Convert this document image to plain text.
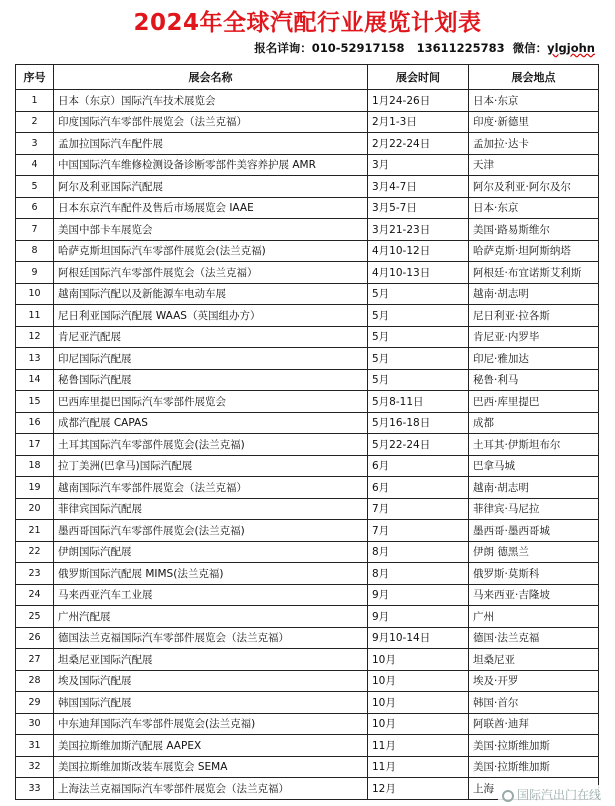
2024年全球汽配行业展览计划表
报名详询：010-52917158 13611225783 微信：ylgjohn
序号	展会名称	展会时间	展会地点
1	日本（东京）国际汽车技术展览会	1月24-26日	日本·东京
2	印度国际汽车零部件展览会（法兰克福）	2月1-3日	印度·新德里
3	孟加拉国际汽车配件展	2月22-24日	孟加拉·达卡
4	中国国际汽车维修检测设备诊断零部件美容养护展 AMR	3月	天津
5	阿尔及利亚国际汽配展	3月4-7日	阿尔及利亚·阿尔及尔
6	日本东京汽车配件及售后市场展览会 IAAE	3月5-7日	日本·东京
7	美国中部卡车展览会	3月21-23日	美国·路易斯维尔
8	哈萨克斯坦国际汽车零部件展览会(法兰克福)	4月10-12日	哈萨克斯·坦阿斯纳塔
9	阿根廷国际汽车零部件展览会（法兰克福）	4月10-13日	阿根廷·布宜诺斯艾利斯
10	越南国际汽配以及新能源车电动车展	5月	越南·胡志明
11	尼日利亚国际汽配展 WAAS（英国组办方）	5月	尼日利亚·拉各斯
12	肯尼亚汽配展	5月	肯尼亚·内罗毕
13	印尼国际汽配展	5月	印尼·雅加达
14	秘鲁国际汽配展	5月	秘鲁·利马
15	巴西库里提巴国际汽车零部件展览会	5月8-11日	巴西·库里提巴
16	成都汽配展 CAPAS	5月16-18日	成都
17	土耳其国际汽车零部件展览会(法兰克福)	5月22-24日	土耳其·伊斯坦布尔
18	拉丁美洲(巴拿马)国际汽配展	6月	巴拿马城
19	越南国际汽车零部件展览会（法兰克福）	6月	越南·胡志明
20	菲律宾国际汽配展	7月	菲律宾·马尼拉
21	墨西哥国际汽车零部件展览会(法兰克福)	7月	墨西哥·墨西哥城
22	伊朗国际汽配展	8月	伊朗 德黑兰
23	俄罗斯国际汽配展 MIMS(法兰克福)	8月	俄罗斯·莫斯科
24	马来西亚汽车工业展	9月	马来西亚·吉隆坡
25	广州汽配展	9月	广州
26	德国法兰克福国际汽车零部件展览会（法兰克福）	9月10-14日	德国·法兰克福
27	坦桑尼亚国际汽配展	10月	坦桑尼亚
28	埃及国际汽配展	10月	埃及·开罗
29	韩国国际汽配展	10月	韩国·首尔
30	中东迪拜国际汽车零部件展览会(法兰克福)	10月	阿联酋·迪拜
31	美国拉斯维加斯汽配展 AAPEX	11月	美国·拉斯维加斯
32	美国拉斯维加斯改装车展览会 SEMA	11月	美国·拉斯维加斯
33	上海法兰克福国际汽车零部件展览会（法兰克福）	12月	上海	国际汽出门在线
